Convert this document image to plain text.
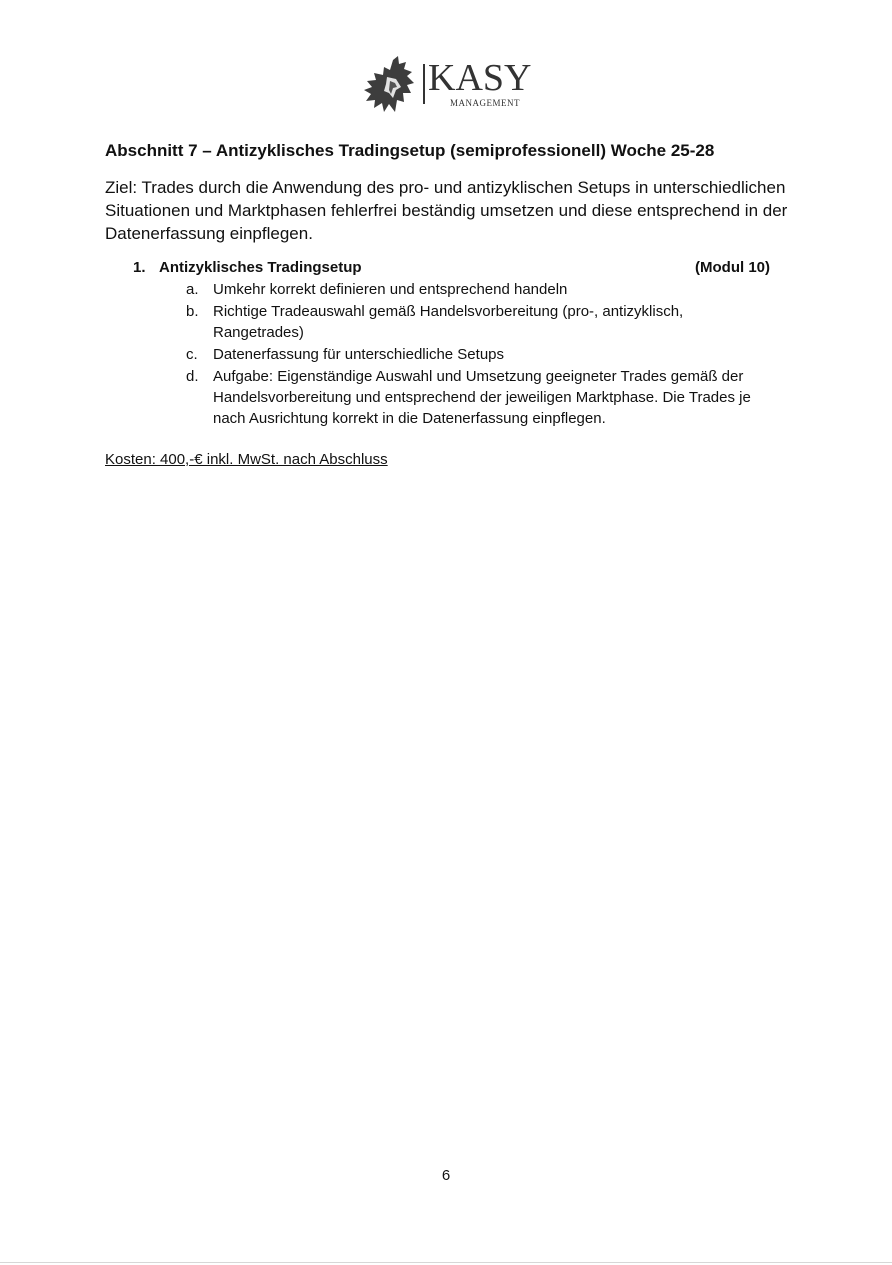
KASY
MANAGEMENT
Abschnitt 7 – Antizyklisches Tradingsetup (semiprofessionell) Woche 25-28
Ziel: Trades durch die Anwendung des pro- und antizyklischen Setups in unterschiedlichen Situationen und Marktphasen fehlerfrei beständig umsetzen und diese entsprechend in der Datenerfassung einpflegen.
1. Antizyklisches Tradingsetup	(Modul 10)
a. Umkehr korrekt definieren und entsprechend handeln
b. Richtige Tradeauswahl gemäß Handelsvorbereitung (pro-, antizyklisch, Rangetrades)
c. Datenerfassung für unterschiedliche Setups
d. Aufgabe: Eigenständige Auswahl und Umsetzung geeigneter Trades gemäß der Handelsvorbereitung und entsprechend der jeweiligen Marktphase. Die Trades je nach Ausrichtung korrekt in die Datenerfassung einpflegen.
Kosten: 400,-€ inkl. MwSt. nach Abschluss
6
